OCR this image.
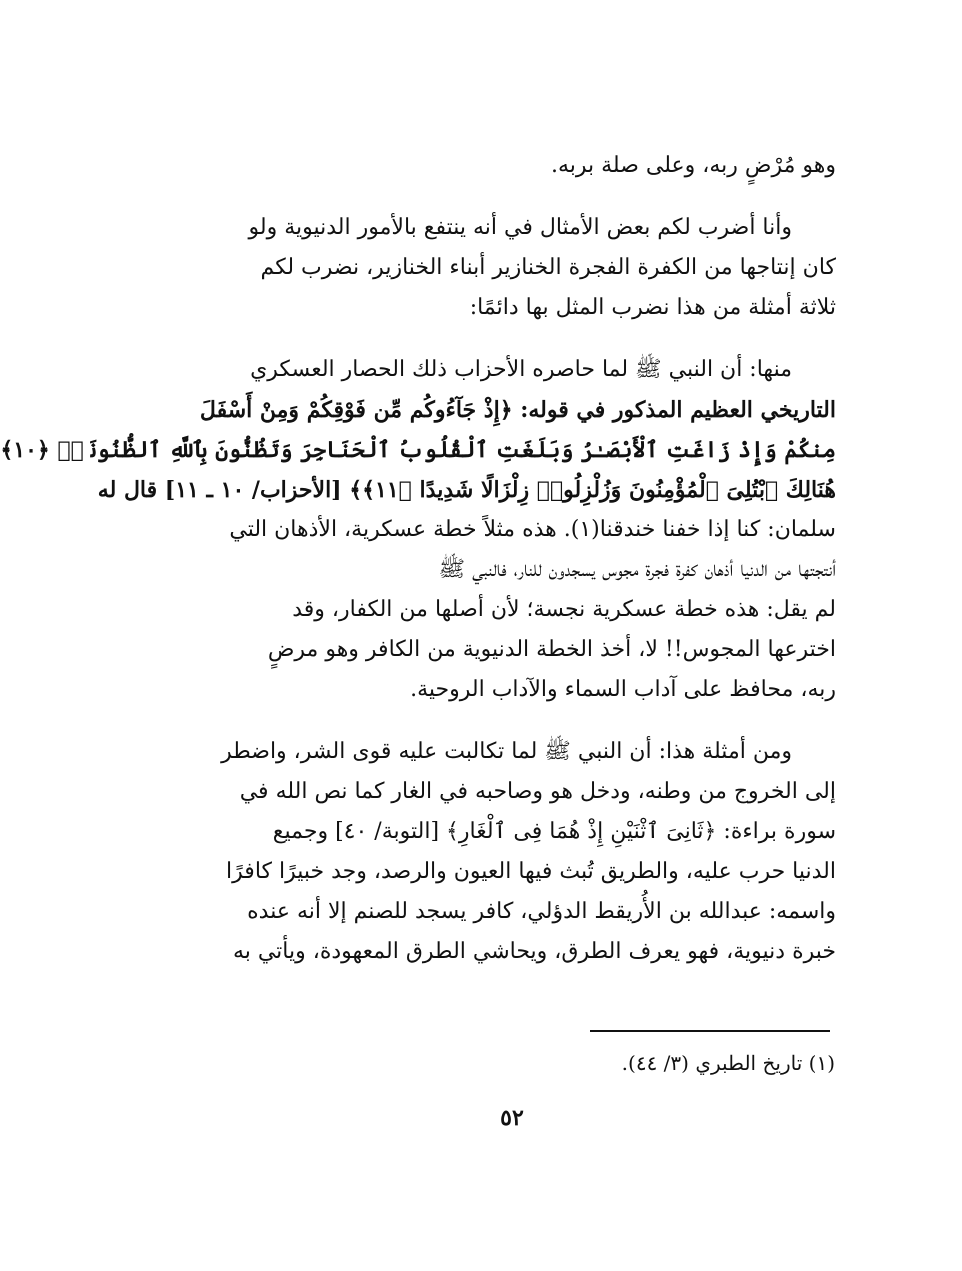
وهو مُرْضٍ ربه، وعلى صلة بربه.
وأنا أضرب لكم بعض الأمثال في أنه ينتفع بالأمور الدنيوية ولو
كان إنتاجها من الكفرة الفجرة الخنازير أبناء الخنازير، نضرب لكم
ثلاثة أمثلة من هذا نضرب المثل بها دائمًا:
منها: أن النبي ﷺ لما حاصره الأحزاب ذلك الحصار العسكري
التاريخي العظيم المذكور في قوله: ﴿إِذْ جَآءُوكُم مِّن فَوْقِكُمْ وَمِنْ أَسْفَلَ
مِنكُمْ وَإِذْ زَاغَتِ ٱلْأَبْصَـٰرُ وَبَلَغَتِ ٱلْقُلُوبُ ٱلْحَنَاجِرَ وَتَظُنُّونَ بِٱللَّهِ ٱلظُّنُونَا۠ ﴿١٠﴾
هُنَالِكَ ٱبْتُلِىَ ٱلْمُؤْمِنُونَ وَزُلْزِلُوا۟ زِلْزَالًا شَدِيدًا ﴿١١﴾﴾ [الأحزاب/ ١٠ ـ ١١] قال له
سلمان: كنا إذا خفنا خندقنا(١). هذه مثلاً خطة عسكرية، الأذهان التي
أنتجتها من الدنيا أذهان كفرة فجرة مجوس يسجدون للنار، فالنبي ﷺ
لم يقل: هذه خطة عسكرية نجسة؛ لأن أصلها من الكفار، وقد
اخترعها المجوس!! لا، أخذ الخطة الدنيوية من الكافر وهو مرضٍ
ربه، محافظ على آداب السماء والآداب الروحية.
ومن أمثلة هذا: أن النبي ﷺ لما تكالبت عليه قوى الشر، واضطر
إلى الخروج من وطنه، ودخل هو وصاحبه في الغار كما نص الله في
سورة براءة: ﴿ثَانِىَ ٱثْنَيْنِ إِذْ هُمَا فِى ٱلْغَارِ﴾ [التوبة/ ٤٠] وجميع
الدنيا حرب عليه، والطريق تُبث فيها العيون والرصد، وجد خبيرًا كافرًا
واسمه: عبدالله بن الأُريقط الدؤلي، كافر يسجد للصنم إلا أنه عنده
خبرة دنيوية، فهو يعرف الطرق، ويحاشي الطرق المعهودة، ويأتي به
(١) تاريخ الطبري (٣/ ٤٤).
٥٢
